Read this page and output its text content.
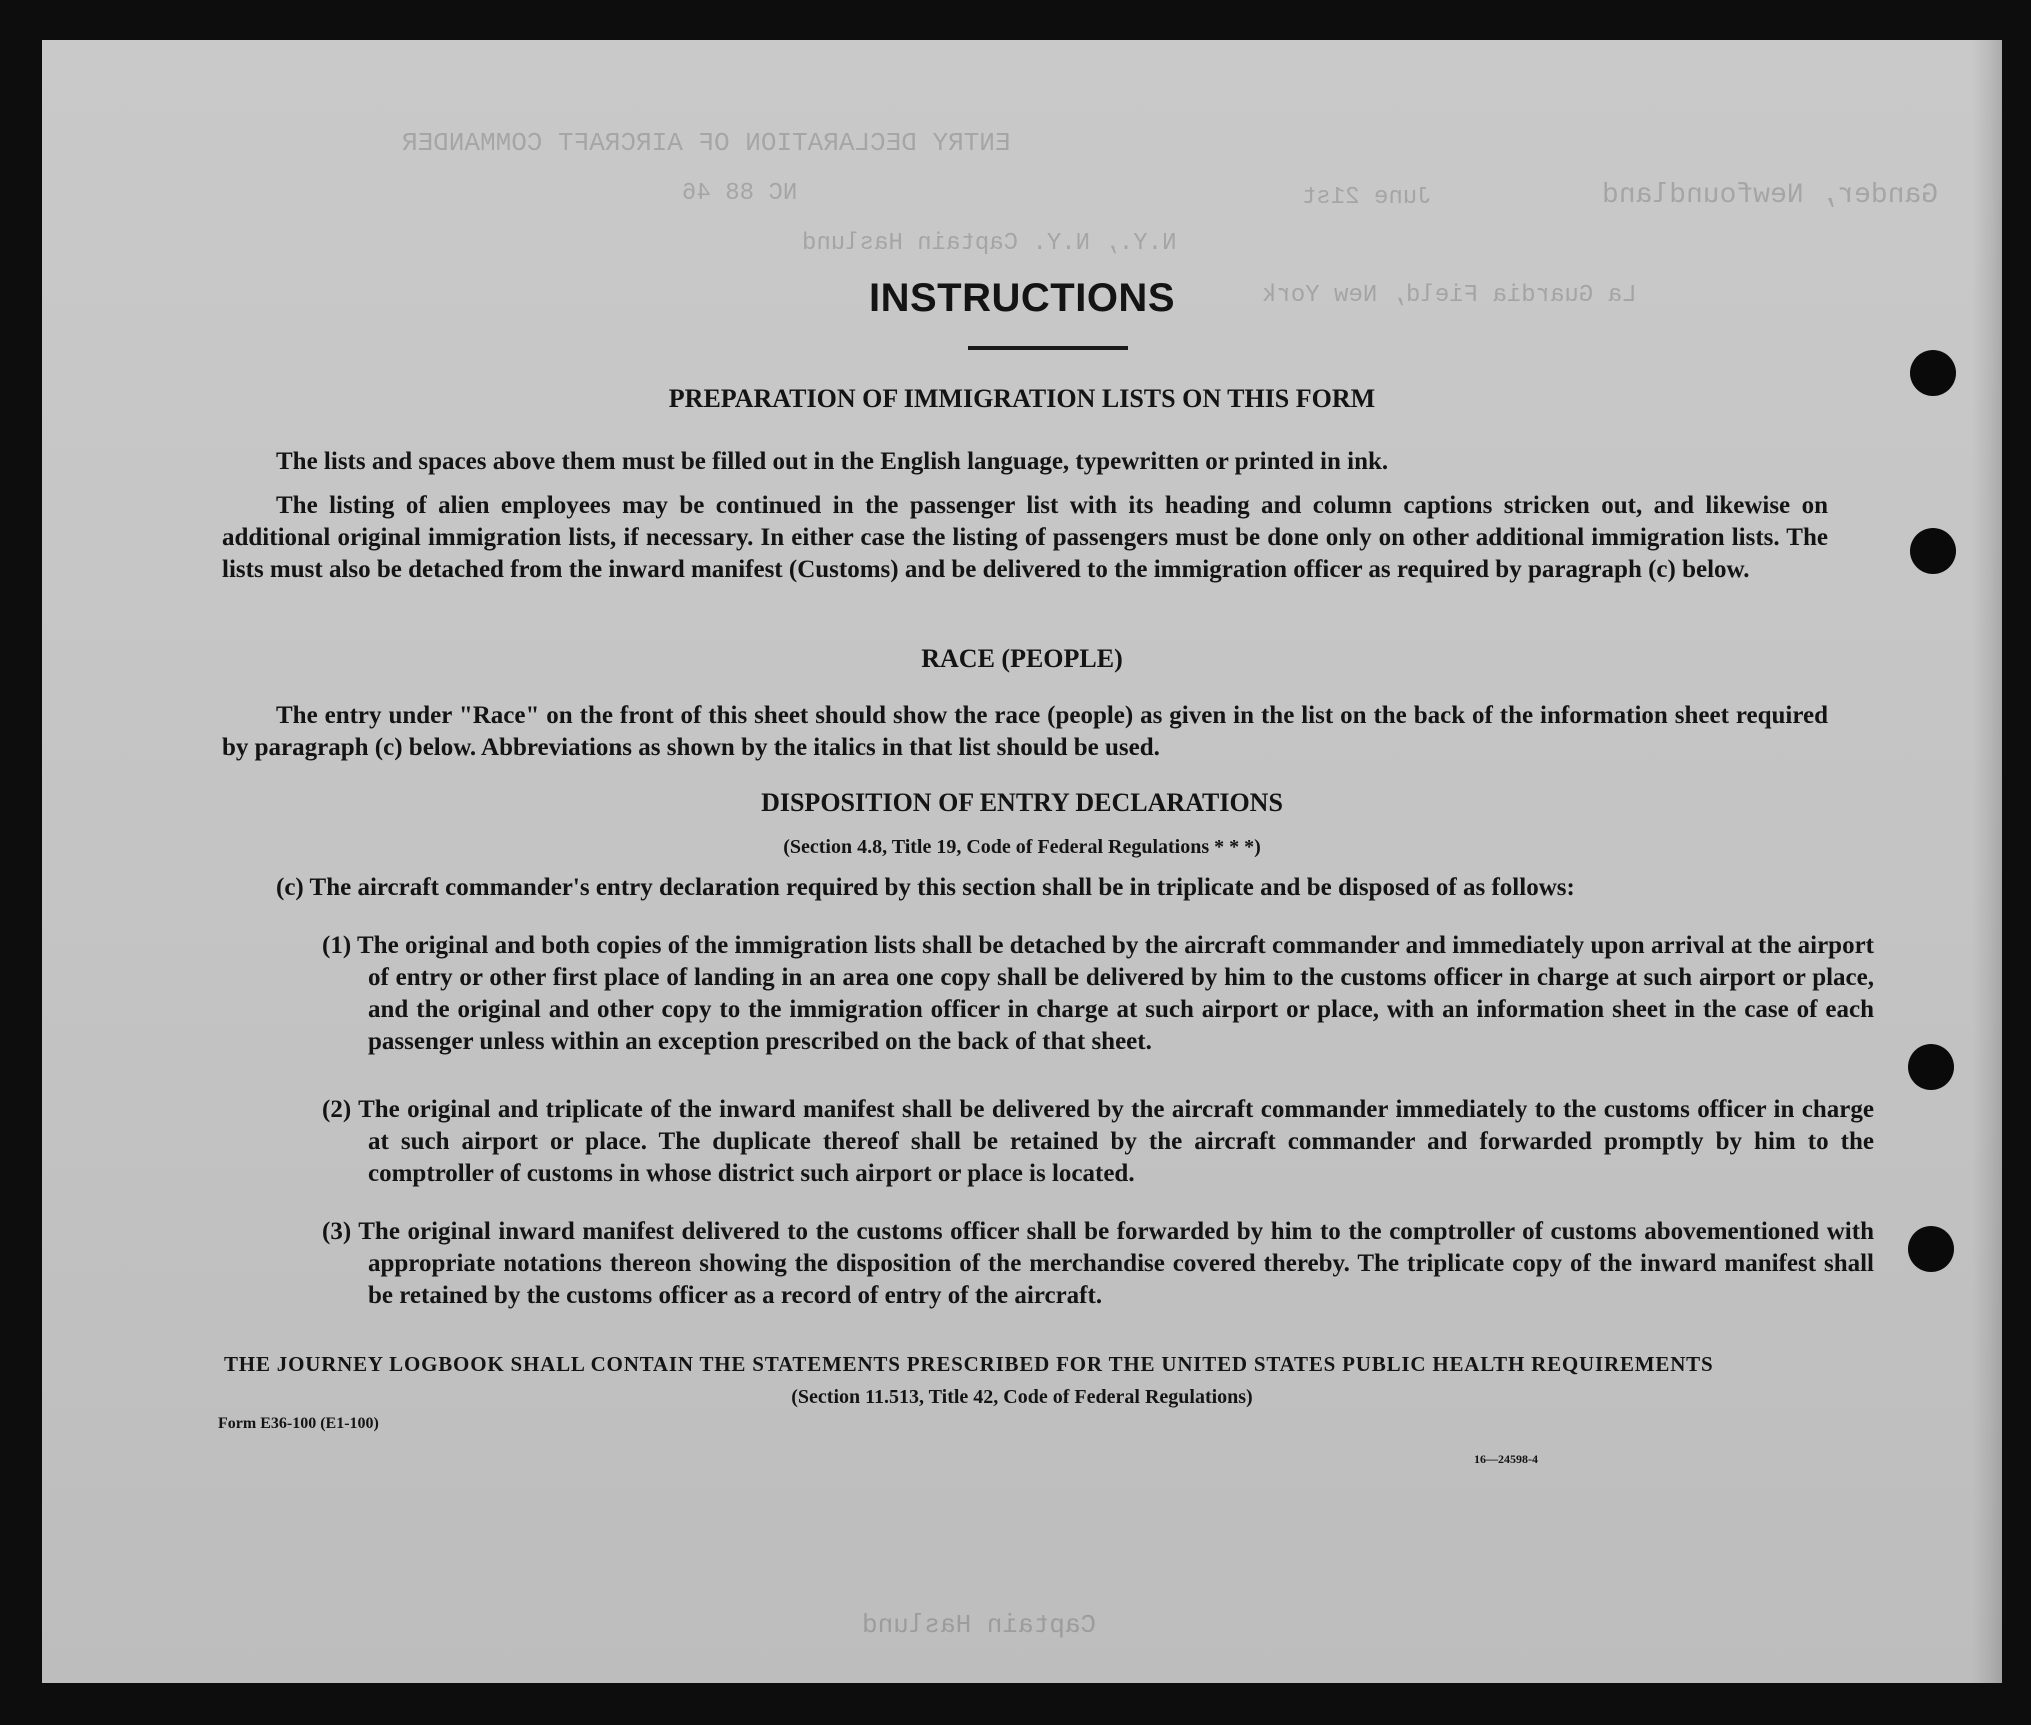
ENTRY DECLARATION OF AIRCRAFT COMMANDER
Gander, Newfoundland
June 21st
NC 88 46
N.Y., N.Y. Captain Haslund
La Guardia Field, New York
Captain Haslund
INSTRUCTIONS
PREPARATION OF IMMIGRATION LISTS ON THIS FORM
The lists and spaces above them must be filled out in the English language, typewritten or printed in ink.
The listing of alien employees may be continued in the passenger list with its heading and column captions stricken out, and likewise on additional original immigration lists, if necessary. In either case the listing of passengers must be done only on other additional immigration lists. The lists must also be detached from the inward manifest (Customs) and be delivered to the immigration officer as required by paragraph (c) below.
RACE (PEOPLE)
The entry under "Race" on the front of this sheet should show the race (people) as given in the list on the back of the information sheet required by paragraph (c) below. Abbreviations as shown by the italics in that list should be used.
DISPOSITION OF ENTRY DECLARATIONS
(Section 4.8, Title 19, Code of Federal Regulations * * *)
(c) The aircraft commander's entry declaration required by this section shall be in triplicate and be disposed of as follows:
(1) The original and both copies of the immigration lists shall be detached by the aircraft commander and immediately upon arrival at the airport of entry or other first place of landing in an area one copy shall be delivered by him to the customs officer in charge at such airport or place, and the original and other copy to the immigration officer in charge at such airport or place, with an information sheet in the case of each passenger unless within an exception prescribed on the back of that sheet.
(2) The original and triplicate of the inward manifest shall be delivered by the aircraft commander immediately to the customs officer in charge at such airport or place. The duplicate thereof shall be retained by the aircraft commander and forwarded promptly by him to the comptroller of customs in whose district such airport or place is located.
(3) The original inward manifest delivered to the customs officer shall be forwarded by him to the comptroller of customs abovementioned with appropriate notations thereon showing the disposition of the merchandise covered thereby. The triplicate copy of the inward manifest shall be retained by the customs officer as a record of entry of the aircraft.
THE JOURNEY LOGBOOK SHALL CONTAIN THE STATEMENTS PRESCRIBED FOR THE UNITED STATES PUBLIC HEALTH REQUIREMENTS
(Section 11.513, Title 42, Code of Federal Regulations)
Form E36-100 (E1-100)
16—24598-4
